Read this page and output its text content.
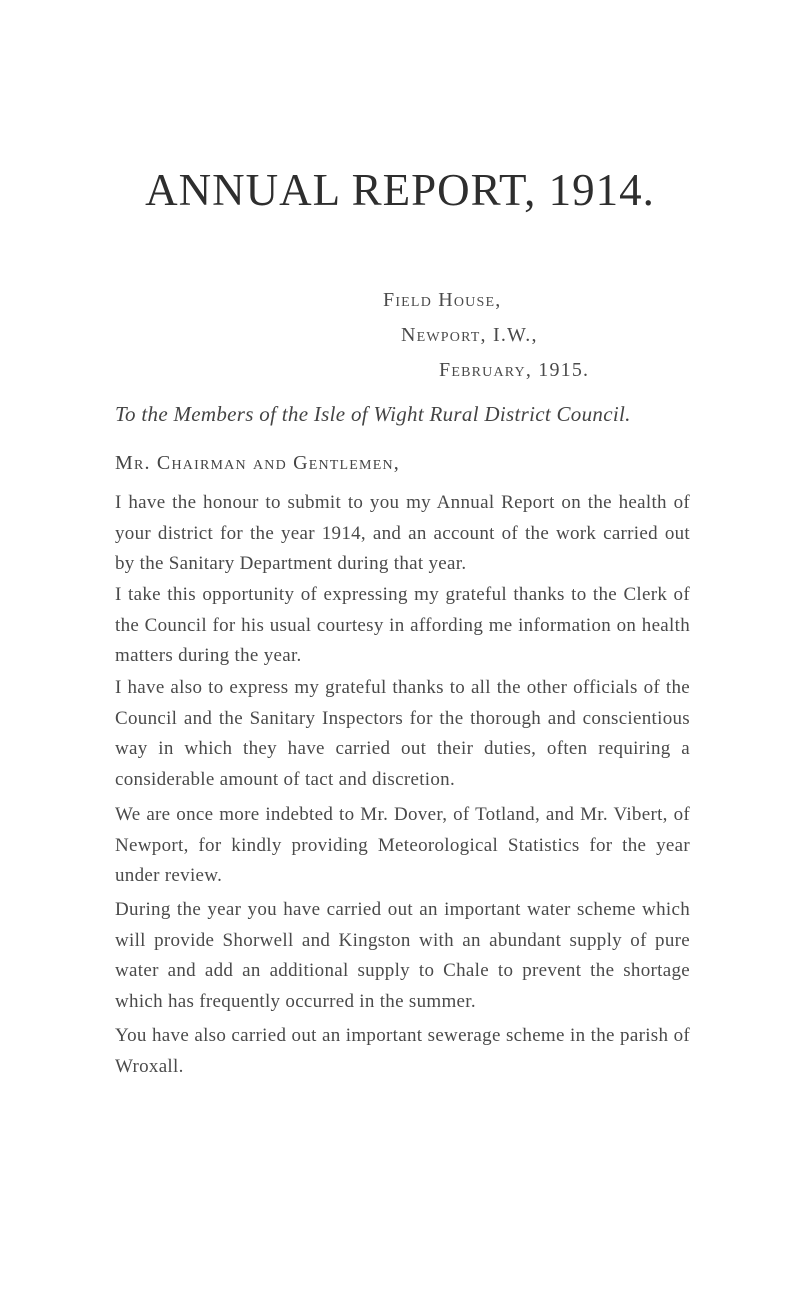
ANNUAL REPORT, 1914.
Field House,
Newport, I.W.,
February, 1915.
To the Members of the Isle of Wight Rural District Council.
Mr. Chairman and Gentlemen,

I have the honour to submit to you my Annual Report on the health of your district for the year 1914, and an account of the work carried out by the Sanitary Department during that year.

I take this opportunity of expressing my grateful thanks to the Clerk of the Council for his usual courtesy in affording me information on health matters during the year.

I have also to express my grateful thanks to all the other officials of the Council and the Sanitary Inspectors for the thorough and conscientious way in which they have carried out their duties, often requiring a considerable amount of tact and discretion.

We are once more indebted to Mr. Dover, of Totland, and Mr. Vibert, of Newport, for kindly providing Meteorological Statistics for the year under review.

During the year you have carried out an important water scheme which will provide Shorwell and Kingston with an abundant supply of pure water and add an additional supply to Chale to prevent the shortage which has frequently occurred in the summer.

You have also carried out an important sewerage scheme in the parish of Wroxall.
